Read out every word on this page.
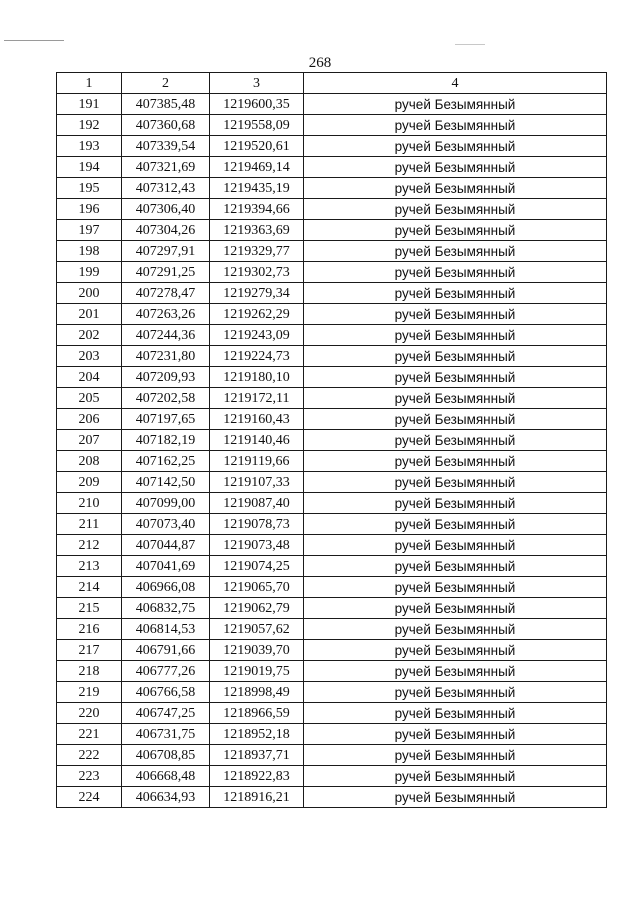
268
1	2	3	4
191	407385,48	1219600,35	ручей Безымянный
192	407360,68	1219558,09	ручей Безымянный
193	407339,54	1219520,61	ручей Безымянный
194	407321,69	1219469,14	ручей Безымянный
195	407312,43	1219435,19	ручей Безымянный
196	407306,40	1219394,66	ручей Безымянный
197	407304,26	1219363,69	ручей Безымянный
198	407297,91	1219329,77	ручей Безымянный
199	407291,25	1219302,73	ручей Безымянный
200	407278,47	1219279,34	ручей Безымянный
201	407263,26	1219262,29	ручей Безымянный
202	407244,36	1219243,09	ручей Безымянный
203	407231,80	1219224,73	ручей Безымянный
204	407209,93	1219180,10	ручей Безымянный
205	407202,58	1219172,11	ручей Безымянный
206	407197,65	1219160,43	ручей Безымянный
207	407182,19	1219140,46	ручей Безымянный
208	407162,25	1219119,66	ручей Безымянный
209	407142,50	1219107,33	ручей Безымянный
210	407099,00	1219087,40	ручей Безымянный
211	407073,40	1219078,73	ручей Безымянный
212	407044,87	1219073,48	ручей Безымянный
213	407041,69	1219074,25	ручей Безымянный
214	406966,08	1219065,70	ручей Безымянный
215	406832,75	1219062,79	ручей Безымянный
216	406814,53	1219057,62	ручей Безымянный
217	406791,66	1219039,70	ручей Безымянный
218	406777,26	1219019,75	ручей Безымянный
219	406766,58	1218998,49	ручей Безымянный
220	406747,25	1218966,59	ручей Безымянный
221	406731,75	1218952,18	ручей Безымянный
222	406708,85	1218937,71	ручей Безымянный
223	406668,48	1218922,83	ручей Безымянный
224	406634,93	1218916,21	ручей Безымянный
